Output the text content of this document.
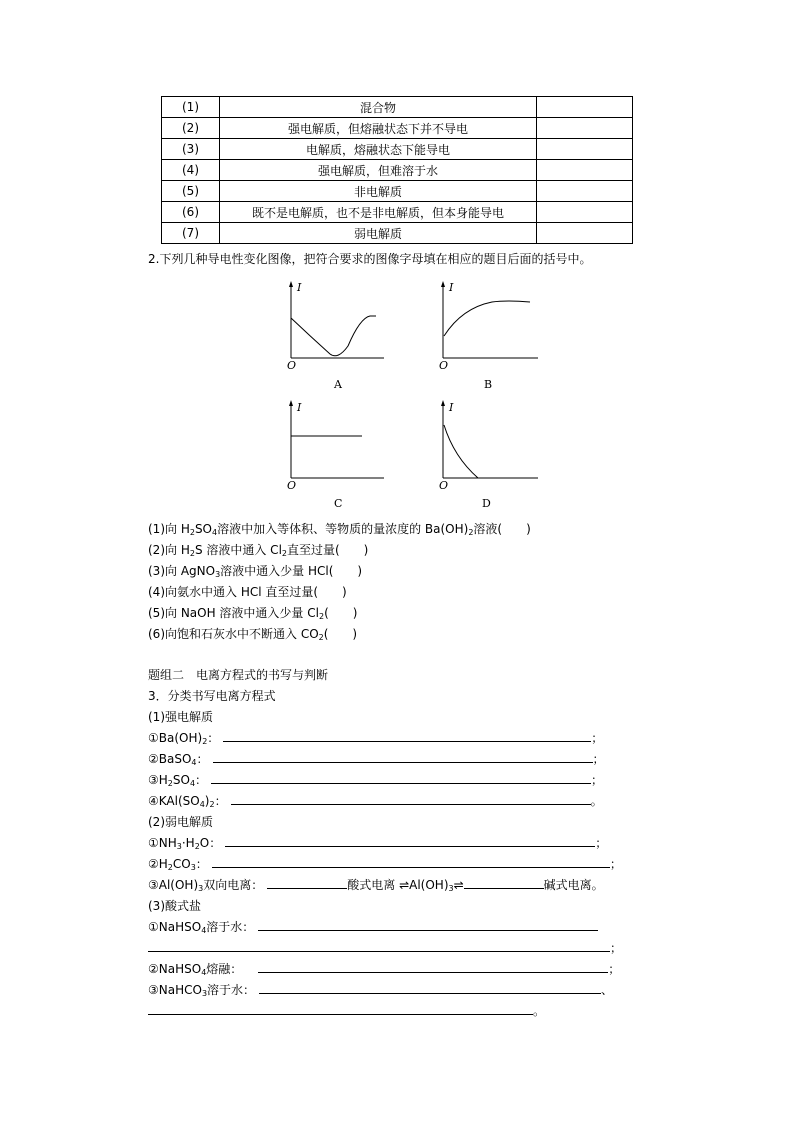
(1)	混合物	
(2)	强电解质，但熔融状态下并不导电	
(3)	电解质，熔融状态下能导电	
(4)	强电解质，但难溶于水	
(5)	非电解质	
(6)	既不是电解质，也不是非电解质，但本身能导电	
(7)	弱电解质	
2.下列几种导电性变化图像，把符合要求的图像字母填在相应的题目后面的括号中。
I
O
A
I
O
B
I
O
C
I
O
D
(1)向 $H_2SO_4$溶液中加入等体积、等物质的量浓度的 $Ba(OH)_2$溶液(　　)
(2)向 $H_2S$ 溶液中通入 $Cl_2$直至过量(　　)
(3)向 AgNO$_3$溶液中通入少量 HCl(　　)
(4)向氨水中通入 HCl 直至过量(　　)
(5)向 NaOH 溶液中通入少量 $Cl_2$(　　)
(6)向饱和石灰水中不断通入 $CO_2$(　　)
题组二　电离方程式的书写与判断
3．分类书写电离方程式
(1)强电解质
$①Ba(OH)_2$：	；
②BaSO$_4$：	；
$③H_2SO_4$：	；
$④KAl(SO_4)_2$：	。
(2)弱电解质
$①NH_3\cdot H_2O$：	；
$②H_2CO_3$：	；
$③Al(OH)_3$双向电离：	酸式电离 $\rightleftharpoons Al(OH)_3\rightleftharpoons$	碱式电离。
(3)酸式盐
①NaHSO$_4$溶于水：
；
②NaHSO$_4$熔融：	；
③NaHCO$_3$溶于水：	、
。
